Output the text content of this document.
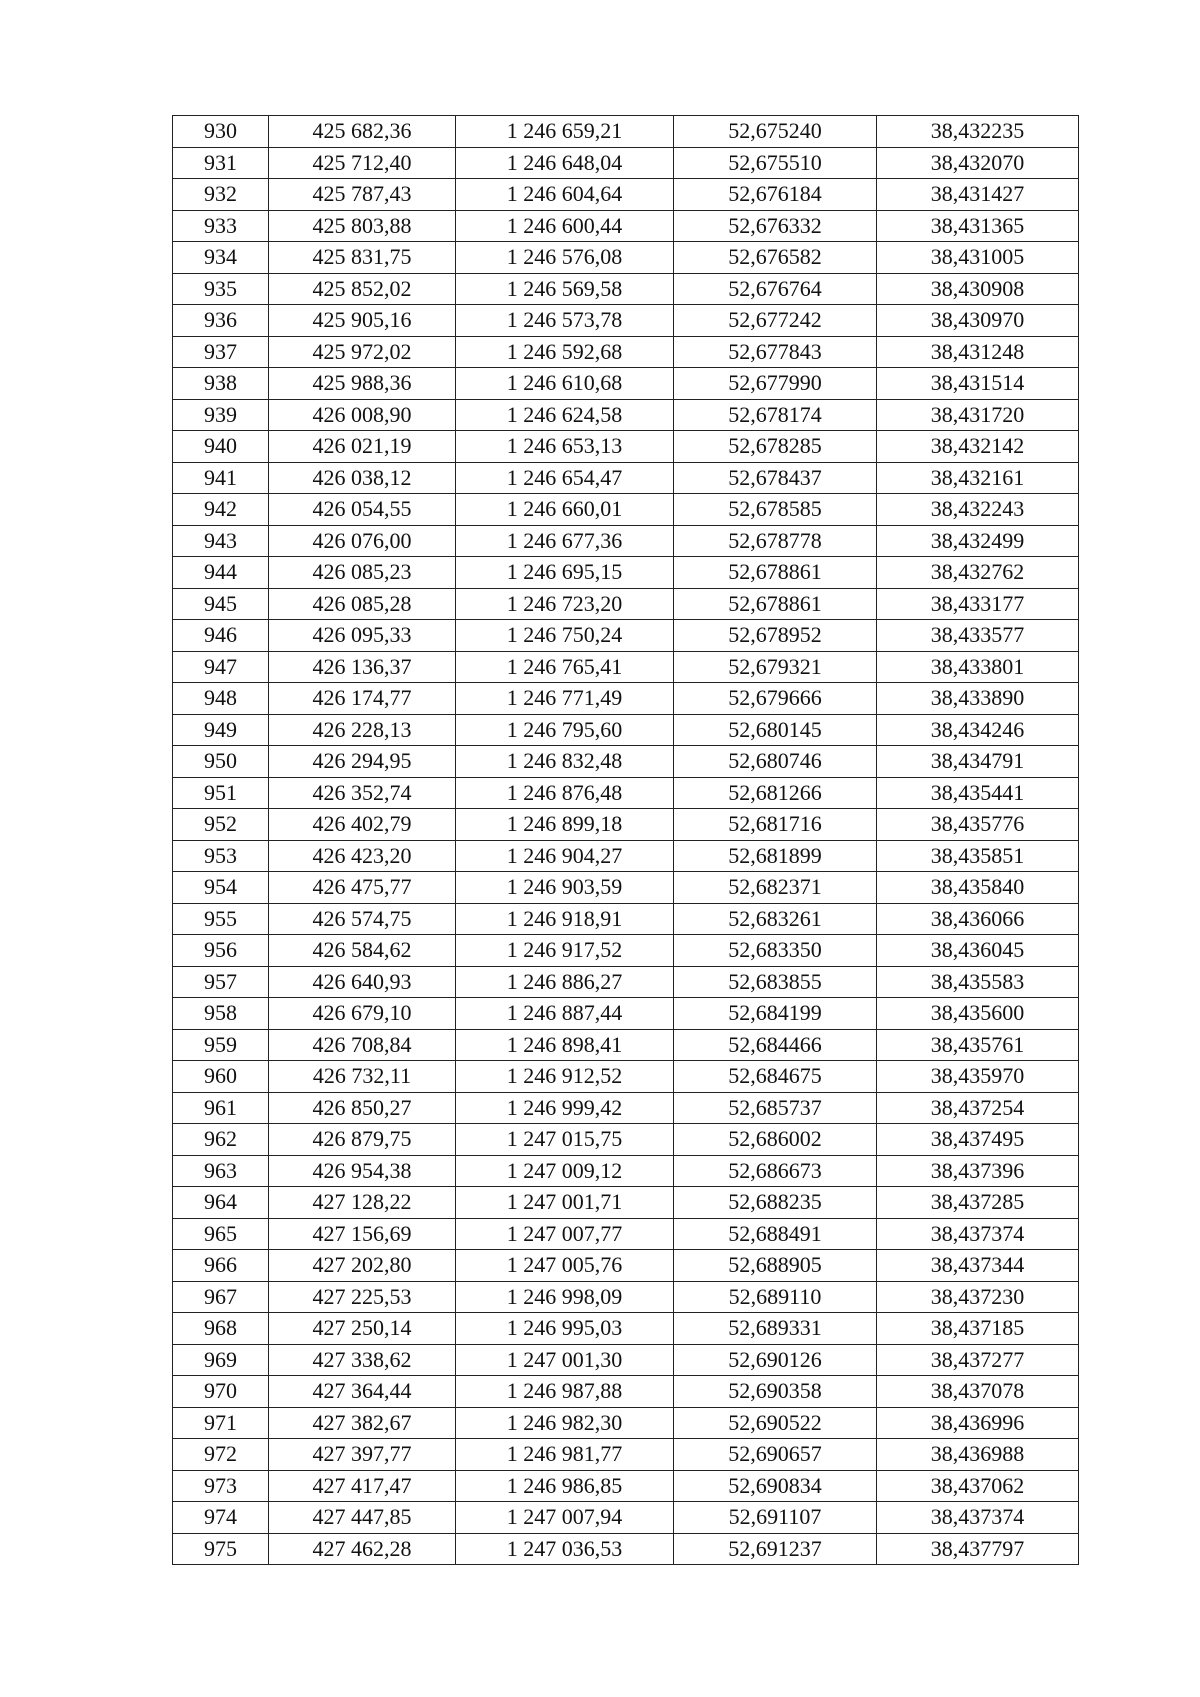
930	425 682,36	1 246 659,21	52,675240	38,432235
931	425 712,40	1 246 648,04	52,675510	38,432070
932	425 787,43	1 246 604,64	52,676184	38,431427
933	425 803,88	1 246 600,44	52,676332	38,431365
934	425 831,75	1 246 576,08	52,676582	38,431005
935	425 852,02	1 246 569,58	52,676764	38,430908
936	425 905,16	1 246 573,78	52,677242	38,430970
937	425 972,02	1 246 592,68	52,677843	38,431248
938	425 988,36	1 246 610,68	52,677990	38,431514
939	426 008,90	1 246 624,58	52,678174	38,431720
940	426 021,19	1 246 653,13	52,678285	38,432142
941	426 038,12	1 246 654,47	52,678437	38,432161
942	426 054,55	1 246 660,01	52,678585	38,432243
943	426 076,00	1 246 677,36	52,678778	38,432499
944	426 085,23	1 246 695,15	52,678861	38,432762
945	426 085,28	1 246 723,20	52,678861	38,433177
946	426 095,33	1 246 750,24	52,678952	38,433577
947	426 136,37	1 246 765,41	52,679321	38,433801
948	426 174,77	1 246 771,49	52,679666	38,433890
949	426 228,13	1 246 795,60	52,680145	38,434246
950	426 294,95	1 246 832,48	52,680746	38,434791
951	426 352,74	1 246 876,48	52,681266	38,435441
952	426 402,79	1 246 899,18	52,681716	38,435776
953	426 423,20	1 246 904,27	52,681899	38,435851
954	426 475,77	1 246 903,59	52,682371	38,435840
955	426 574,75	1 246 918,91	52,683261	38,436066
956	426 584,62	1 246 917,52	52,683350	38,436045
957	426 640,93	1 246 886,27	52,683855	38,435583
958	426 679,10	1 246 887,44	52,684199	38,435600
959	426 708,84	1 246 898,41	52,684466	38,435761
960	426 732,11	1 246 912,52	52,684675	38,435970
961	426 850,27	1 246 999,42	52,685737	38,437254
962	426 879,75	1 247 015,75	52,686002	38,437495
963	426 954,38	1 247 009,12	52,686673	38,437396
964	427 128,22	1 247 001,71	52,688235	38,437285
965	427 156,69	1 247 007,77	52,688491	38,437374
966	427 202,80	1 247 005,76	52,688905	38,437344
967	427 225,53	1 246 998,09	52,689110	38,437230
968	427 250,14	1 246 995,03	52,689331	38,437185
969	427 338,62	1 247 001,30	52,690126	38,437277
970	427 364,44	1 246 987,88	52,690358	38,437078
971	427 382,67	1 246 982,30	52,690522	38,436996
972	427 397,77	1 246 981,77	52,690657	38,436988
973	427 417,47	1 246 986,85	52,690834	38,437062
974	427 447,85	1 247 007,94	52,691107	38,437374
975	427 462,28	1 247 036,53	52,691237	38,437797
